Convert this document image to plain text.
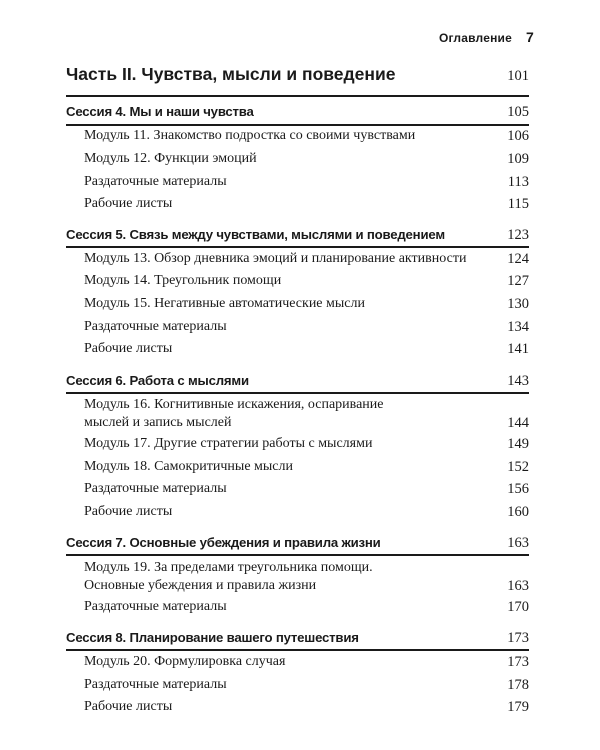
Оглавление 7
Часть II. Чувства, мысли и поведение	101
Сессия 4. Мы и наши чувства	105
Модуль 11. Знакомство подростка со своими чувствами	106
Модуль 12. Функции эмоций	109
Раздаточные материалы	113
Рабочие листы	115
Сессия 5. Связь между чувствами, мыслями и поведением	123
Модуль 13. Обзор дневника эмоций и планирование активности	124
Модуль 14. Треугольник помощи	127
Модуль 15. Негативные автоматические мысли	130
Раздаточные материалы	134
Рабочие листы	141
Сессия 6. Работа с мыслями	143
Модуль 16. Когнитивные искажения, оспаривание мыслей и запись мыслей	144
Модуль 17. Другие стратегии работы с мыслями	149
Модуль 18. Самокритичные мысли	152
Раздаточные материалы	156
Рабочие листы	160
Сессия 7. Основные убеждения и правила жизни	163
Модуль 19. За пределами треугольника помощи. Основные убеждения и правила жизни	163
Раздаточные материалы	170
Сессия 8. Планирование вашего путешествия	173
Модуль 20. Формулировка случая	173
Раздаточные материалы	178
Рабочие листы	179
